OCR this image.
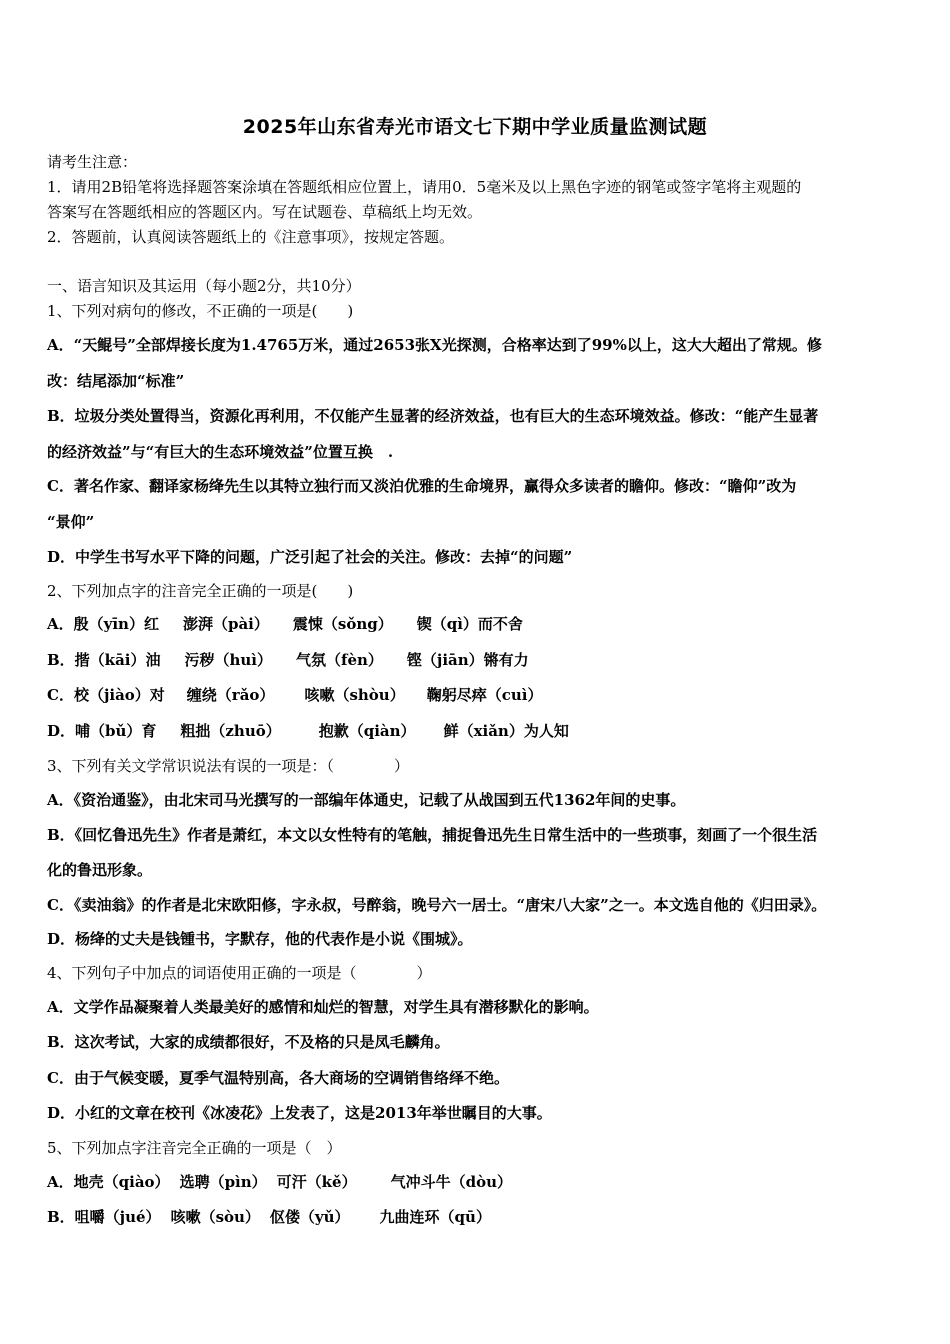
2025年山东省寿光市语文七下期中学业质量监测试题
请考生注意：
1．请用2B铅笔将选择题答案涂填在答题纸相应位置上，请用0．5毫米及以上黑色字迹的钢笔或签字笔将主观题的
答案写在答题纸相应的答题区内。写在试题卷、草稿纸上均无效。
2．答题前，认真阅读答题纸上的《注意事项》，按规定答题。
一、语言知识及其运用（每小题2分，共10分）
1、下列对病句的修改，不正确的一项是(　　)
A．“天鲲号”全部焊接长度为1.4765万米，通过2653张X光探测，合格率达到了99%以上，这大大超出了常规。修
改：结尾添加“标准”
B．垃圾分类处置得当，资源化再利用，不仅能产生显著的经济效益，也有巨大的生态环境效益。修改：“能产生显著
的经济效益”与“有巨大的生态环境效益”位置互换　.
C．著名作家、翻译家杨绛先生以其特立独行而又淡泊优雅的生命境界，赢得众多读者的瞻仰。修改：“瞻仰”改为
“景仰”
D．中学生书写水平下降的问题，广泛引起了社会的关注。修改：去掉“的问题”
2、下列加点字的注音完全正确的一项是(　　)
A．殷（yīn）红 澎湃（pài） 震悚（sǒng） 锲（qì）而不舍
B．揩（kāi）油 污秽（huì） 气氛（fèn） 铿（jiān）锵有力
C．校（jiào）对 缠绕（rǎo） 咳嗽（shòu） 鞠躬尽瘁（cuì）
D．哺（bǔ）育 粗拙（zhuō）	抱歉（qiàn） 鲜（xiǎn）为人知
3、下列有关文学常识说法有误的一项是：（　　　　）
A．《资治通鉴》，由北宋司马光撰写的一部编年体通史，记载了从战国到五代1362年间的史事。
B．《回忆鲁迅先生》作者是萧红，本文以女性特有的笔触，捕捉鲁迅先生日常生活中的一些琐事，刻画了一个很生活
化的鲁迅形象。
C．《卖油翁》的作者是北宋欧阳修，字永叔，号醉翁，晚号六一居士。“唐宋八大家”之一。本文选自他的《归田录》。
D．杨绛的丈夫是钱锺书，字默存，他的代表作是小说《围城》。
4、下列句子中加点的词语使用正确的一项是（　　　　）
A．文学作品凝聚着人类最美好的感情和灿烂的智慧，对学生具有潜移默化的影响。
B．这次考试，大家的成绩都很好，不及格的只是凤毛麟角。
C．由于气候变暖，夏季气温特别高，各大商场的空调销售络绎不绝。
D．小红的文章在校刊《冰凌花》上发表了，这是2013年举世瞩目的大事。
5、下列加点字注音完全正确的一项是（　）
A．地壳（qiào） 选聘（pìn） 可汗（kě） 气冲斗牛（dòu）
B．咀嚼（jué） 咳嗽（sòu） 伛偻（yǔ） 九曲连环（qū）
